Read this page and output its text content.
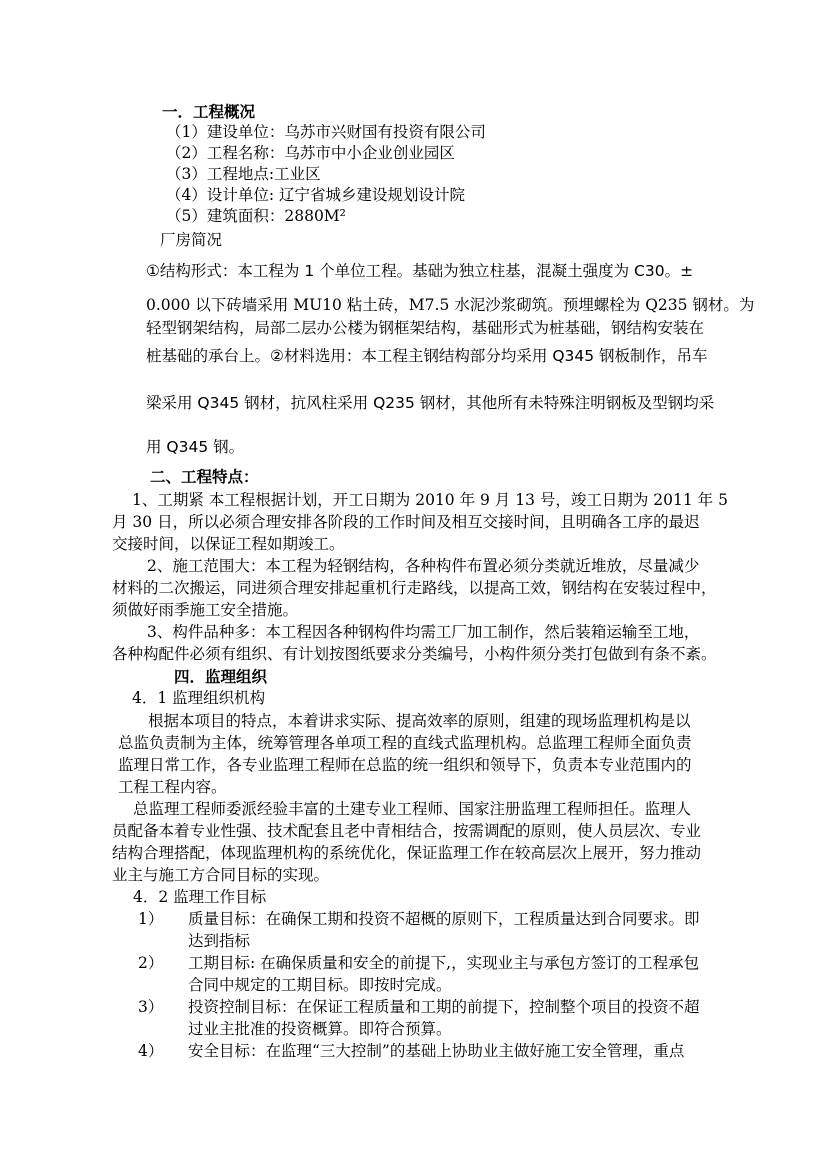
一．工程概况
（1）建设单位：乌苏市兴财国有投资有限公司
（2）工程名称：乌苏市中小企业创业园区
（3）工程地点:工业区
（4）设计单位: 辽宁省城乡建设规划设计院
（5）建筑面积：2880M²
厂房简况
①结构形式：本工程为 1 个单位工程。基础为独立柱基，混凝土强度为 C30。±
0.000 以下砖墙采用 MU10 粘土砖，M7.5 水泥沙浆砌筑。预埋螺栓为 Q235 钢材。为
轻型钢架结构，局部二层办公楼为钢框架结构，基础形式为桩基础，钢结构安装在
桩基础的承台上。②材料选用：本工程主钢结构部分均采用 Q345 钢板制作，吊车
梁采用 Q345 钢材，抗风柱采用 Q235 钢材，其他所有未特殊注明钢板及型钢均采
用 Q345 钢。
二、工程特点：
1、工期紧 本工程根据计划，开工日期为 2010 年 9 月 13 号，竣工日期为 2011 年 5
月 30 日，所以必须合理安排各阶段的工作时间及相互交接时间，且明确各工序的最迟
交接时间，以保证工程如期竣工。
2、施工范围大：本工程为轻钢结构，各种构件布置必须分类就近堆放，尽量减少
材料的二次搬运，同进须合理安排起重机行走路线，以提高工效，钢结构在安装过程中，
须做好雨季施工安全措施。
3、构件品种多：本工程因各种钢构件均需工厂加工制作，然后装箱运输至工地，
各种构配件必须有组织、有计划按图纸要求分类编号，小构件须分类打包做到有条不紊。
四．监理组织
4．1 监理组织机构
根据本项目的特点，本着讲求实际、提高效率的原则，组建的现场监理机构是以
总监负责制为主体，统筹管理各单项工程的直线式监理机构。总监理工程师全面负责
监理日常工作，各专业监理工程师在总监的统一组织和领导下，负责本专业范围内的
工程工程内容。
总监理工程师委派经验丰富的土建专业工程师、国家注册监理工程师担任。监理人
员配备本着专业性强、技术配套且老中青相结合，按需调配的原则，使人员层次、专业
结构合理搭配，体现监理机构的系统优化，保证监理工作在较高层次上展开，努力推动
业主与施工方合同目标的实现。
4．2 监理工作目标
1） 质量目标：在确保工期和投资不超概的原则下，工程质量达到合同要求。即
达到指标
2） 工期目标: 在确保质量和安全的前提下,，实现业主与承包方签订的工程承包
合同中规定的工期目标。即按时完成。
3） 投资控制目标：在保证工程质量和工期的前提下，控制整个项目的投资不超
过业主批准的投资概算。即符合预算。
4） 安全目标：在监理“三大控制”的基础上协助业主做好施工安全管理，重点
